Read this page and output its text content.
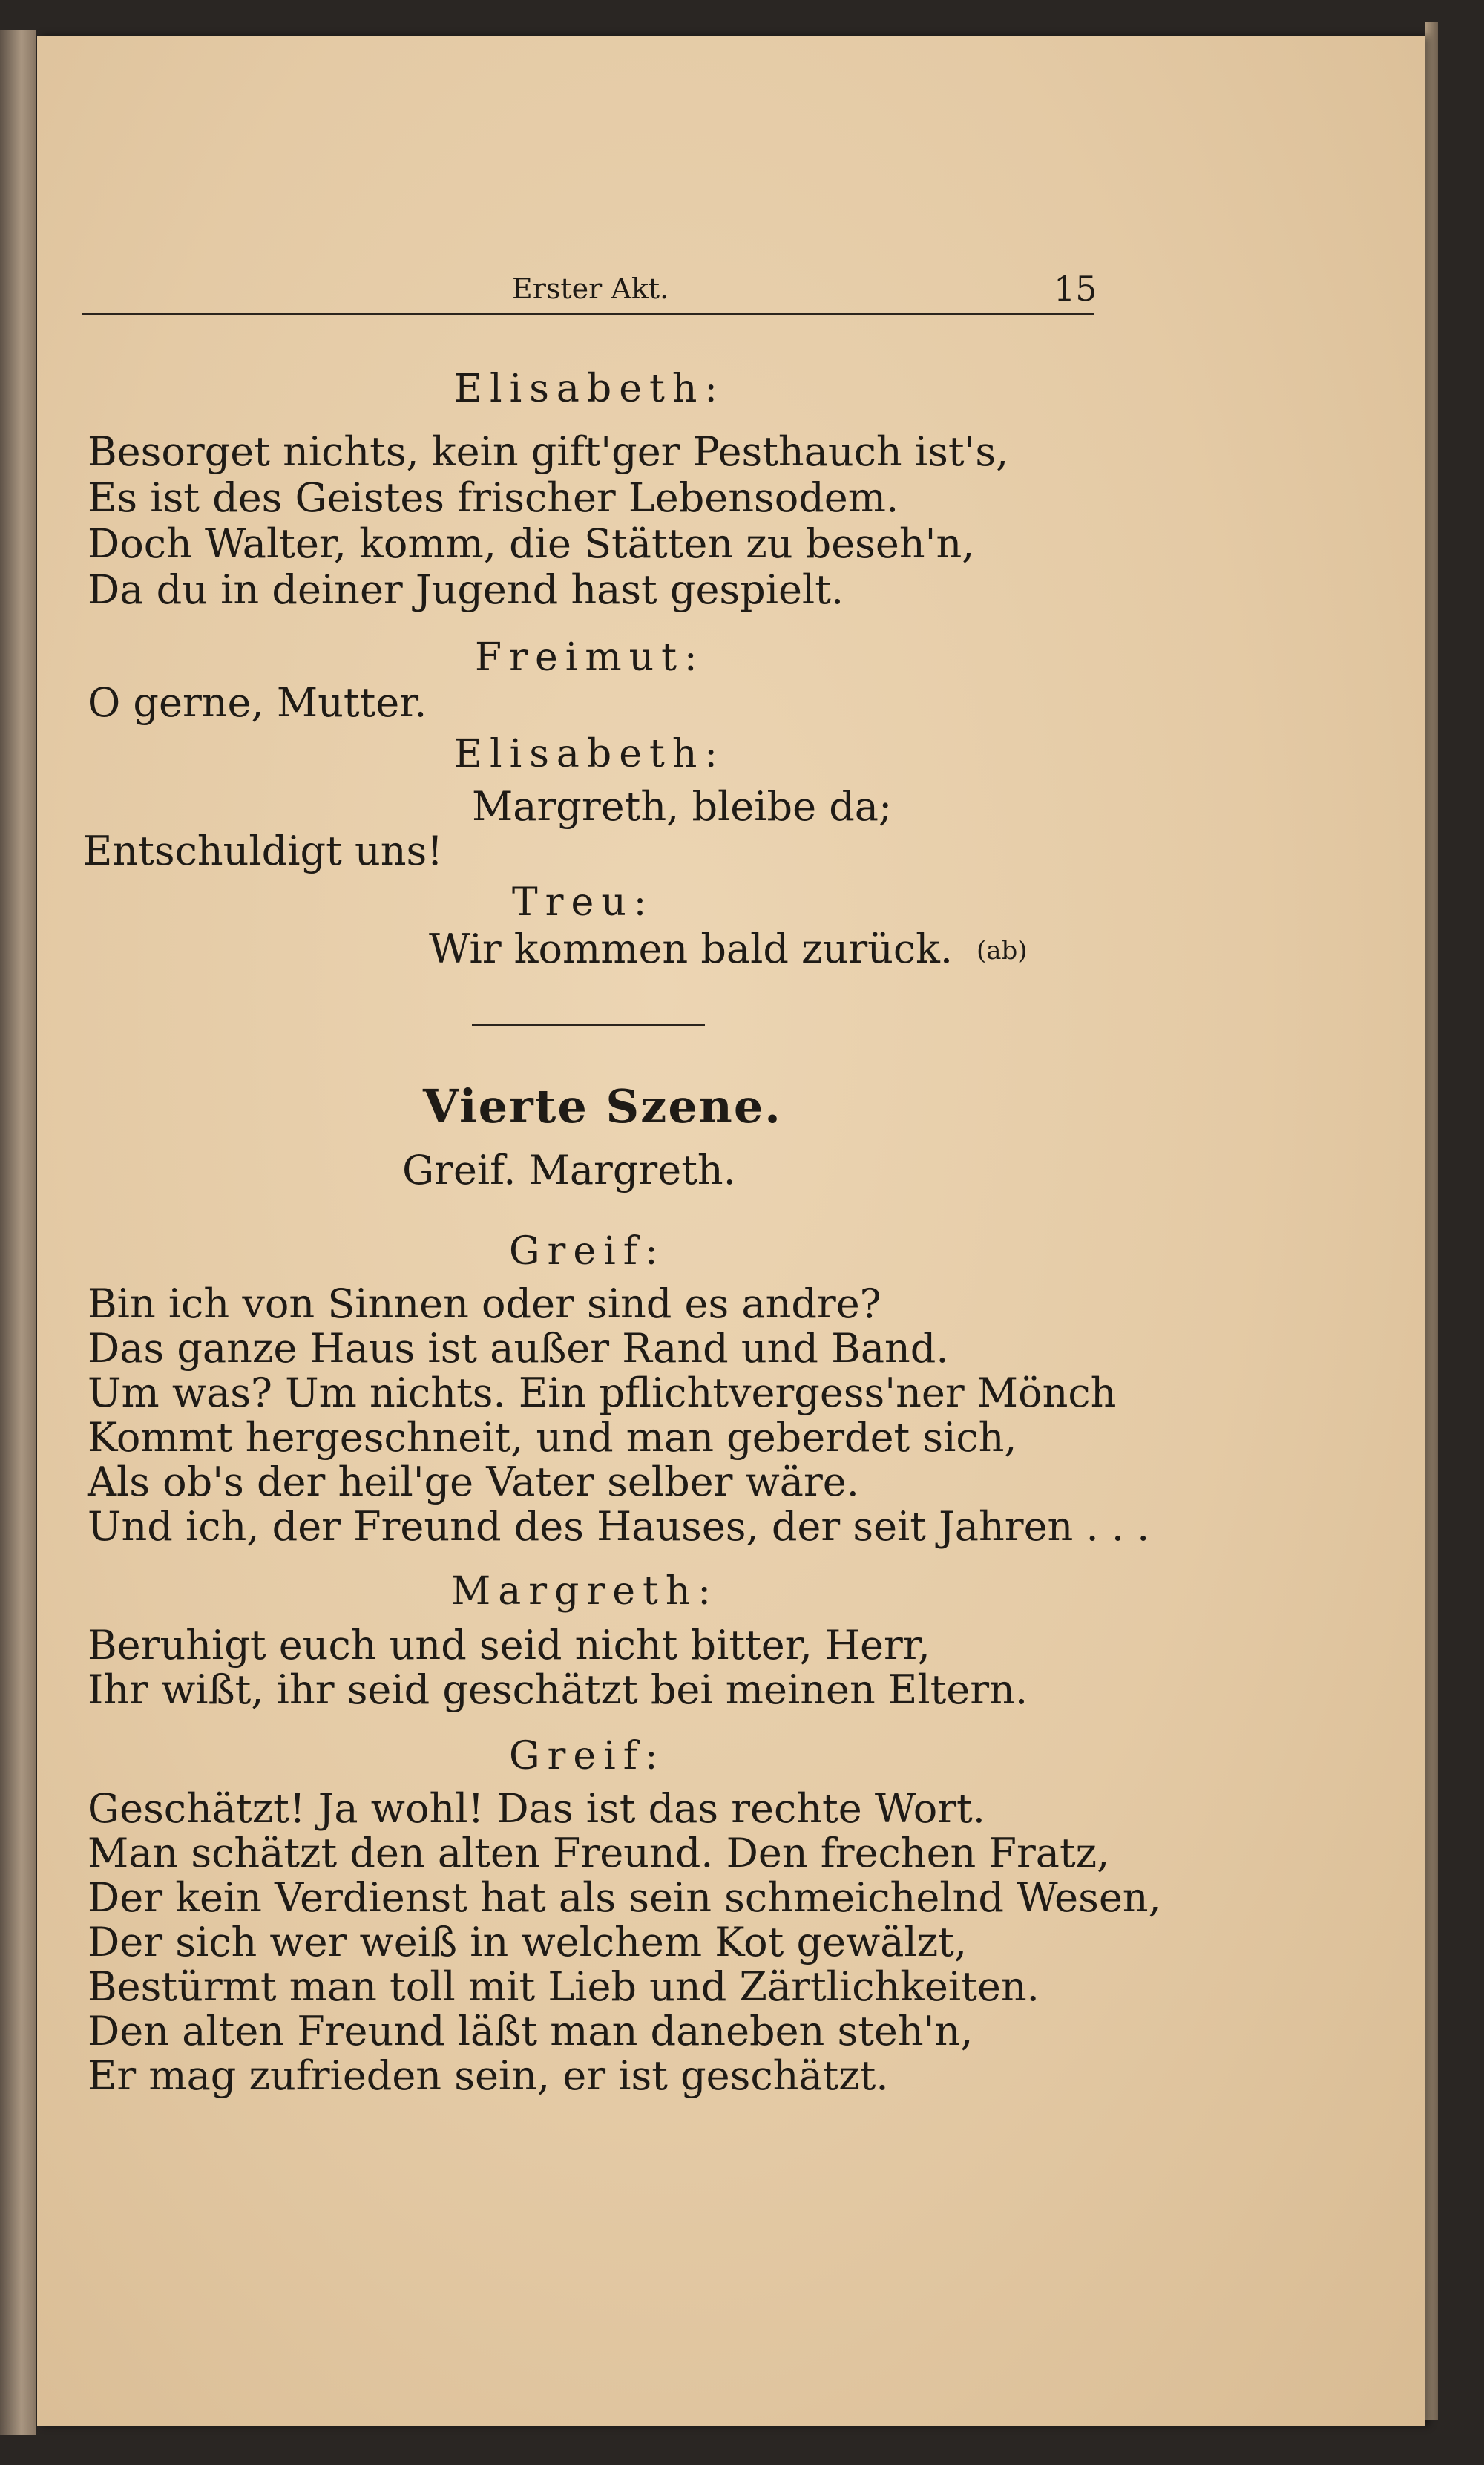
Erster Akt.	15
Elisabeth:
Besorget nichts, kein gift'ger Pesthauch ist's,
Es ist des Geistes frischer Lebensodem.
Doch Walter, komm, die Stätten zu beseh'n,
Da du in deiner Jugend hast gespielt.
Freimut:
O gerne, Mutter.
Elisabeth:
Margreth, bleibe da;
Entschuldigt uns!
Treu:
Wir kommen bald zurück. (ab)
Vierte Szene.
Greif. Margreth.
Greif:
Bin ich von Sinnen oder sind es andre?
Das ganze Haus ist außer Rand und Band.
Um was? Um nichts. Ein pflichtvergess'ner Mönch
Kommt hergeschneit, und man geberdet sich,
Als ob's der heil'ge Vater selber wäre.
Und ich, der Freund des Hauses, der seit Jahren . . .
Margreth:
Beruhigt euch und seid nicht bitter, Herr,
Ihr wißt, ihr seid geschätzt bei meinen Eltern.
Greif:
Geschätzt! Ja wohl! Das ist das rechte Wort.
Man schätzt den alten Freund. Den frechen Fratz,
Der kein Verdienst hat als sein schmeichelnd Wesen,
Der sich wer weiß in welchem Kot gewälzt,
Bestürmt man toll mit Lieb und Zärtlichkeiten.
Den alten Freund läßt man daneben steh'n,
Er mag zufrieden sein, er ist geschätzt.
